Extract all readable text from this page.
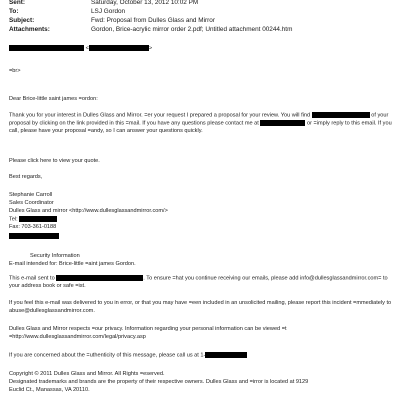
Sent:	Saturday, October 13, 2012 10:02 PM
To:	LSJ Gordon
Subject:	Fwd: Proposal from Dulles Glass and Mirror
Attachments:	Gordon, Brice-acrylic mirror order 2.pdf; Untitled attachment 00244.htm
<	>
=br>
Dear Brice-little saint james =ordon:
Thank you for your interest in Dulles Glass and Mirror. =er your request I prepared a proposal for your review. You will find	of your proposal by clicking on the link provided in this =mail. If you have any questions please contact me at	or =imply reply to this email. If you call, please have your proposal =andy, so I can answer your questions quickly.
Please click here to view your quote.
Best regards,
Stephanie Carroll
Sales Coordinator
Dulles Glass and mirror <http://www.dullesglassandmirror.com/>
Tel:
Fax: 703-361-0188
Security Information
E-mail intended for: Brice-little =aint james Gordon.
This e-mail sent to	. To ensure =hat you continue receiving our emails, please add info@dullesglassandmirror.com= to your address book or safe =ist.
If you feel this e-mail was delivered to you in error, or that you may have =een included in an unsolicited mailing, please report this incident =mmediately to abuse@dullesglassandmirror.com.
Dulles Glass and Mirror respects =our privacy. Information regarding your personal information can be viewed =t =http://www.dullesglassandmirror.com/legal/privacy.asp
If you are concerned about the =uthenticity of this message, please call us at 1-
Copyright © 2011 Dulles Glass and Mirror. All Rights =eserved.
Designated trademarks and brands are the property of their respective owners. Dulles Glass and =irror is located at 9129
Euclid Ct., Manassas, VA 20110.
